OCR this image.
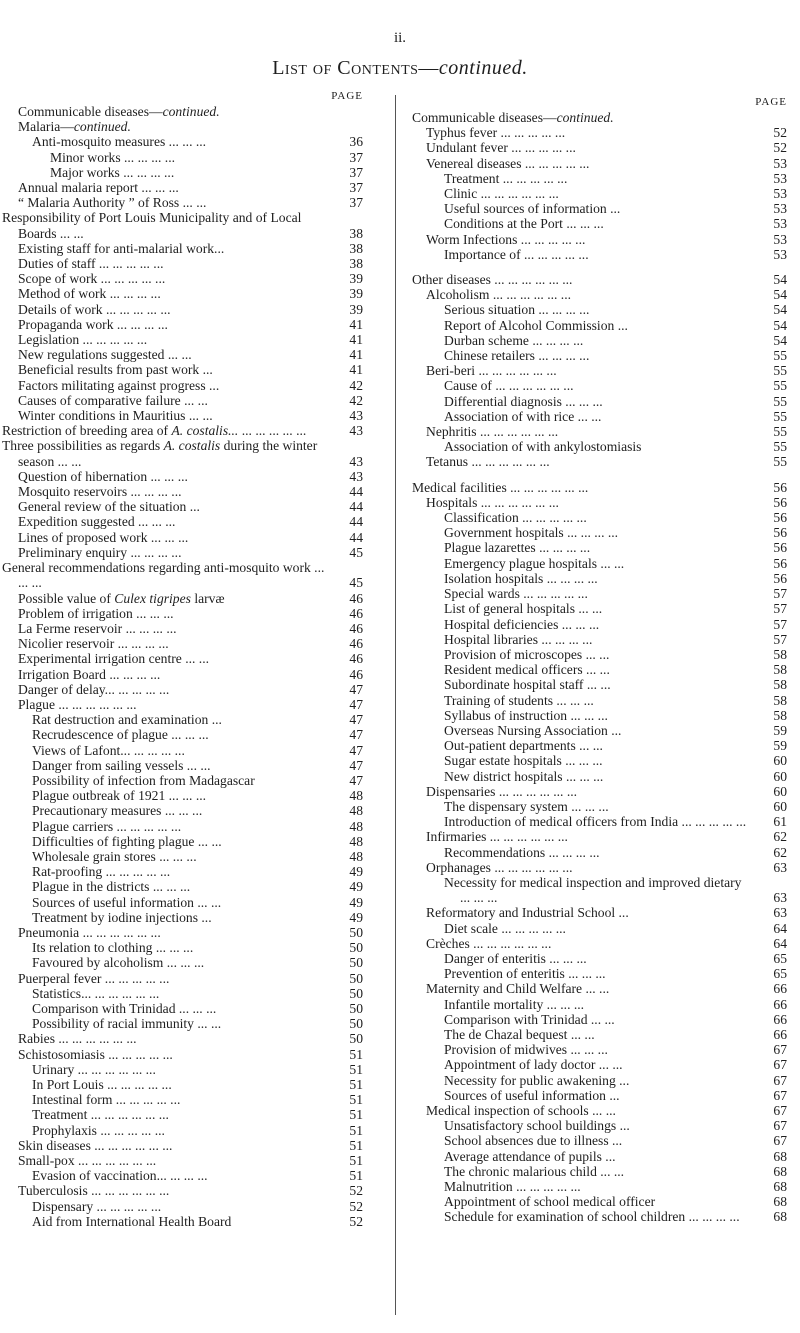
ii.
List of Contents—continued.
PAGE
Communicable diseases—continued.
Malaria—continued.
Anti-mosquito measures ... ... ...	36
Minor works ... ... ... ...	37
Major works ... ... ... ...	37
Annual malaria report ... ... ...	37
“ Malaria Authority ” of Ross ... ...	37
Responsibility of Port Louis Municipality and of Local Boards ... ...	38
Existing staff for anti-malarial work...	38
Duties of staff ... ... ... ... ...	38
Scope of work ... ... ... ... ...	39
Method of work ... ... ... ...	39
Details of work ... ... ... ... ...	39
Propaganda work ... ... ... ...	41
Legislation ... ... ... ... ...	41
New regulations suggested ... ...	41
Beneficial results from past work ...	41
Factors militating against progress ...	42
Causes of comparative failure ... ...	42
Winter conditions in Mauritius ... ...	43
Restriction of breeding area of A. costalis... ... ... ... ... ...	43
Three possibilities as regards A. costalis during the winter season ... ...	43
Question of hibernation ... ... ...	43
Mosquito reservoirs ... ... ... ...	44
General review of the situation ...	44
Expedition suggested ... ... ...	44
Lines of proposed work ... ... ...	44
Preliminary enquiry ... ... ... ...	45
General recommendations regarding anti-mosquito work ... ... ...	45
Possible value of Culex tigripes larvæ	46
Problem of irrigation ... ... ...	46
La Ferme reservoir ... ... ... ...	46
Nicolier reservoir ... ... ... ...	46
Experimental irrigation centre ... ...	46
Irrigation Board ... ... ... ...	46
Danger of delay... ... ... ... ...	47
Plague ... ... ... ... ... ...	47
Rat destruction and examination ...	47
Recrudescence of plague ... ... ...	47
Views of Lafont... ... ... ... ...	47
Danger from sailing vessels ... ...	47
Possibility of infection from Madagascar	47
Plague outbreak of 1921 ... ... ...	48
Precautionary measures ... ... ...	48
Plague carriers ... ... ... ... ...	48
Difficulties of fighting plague ... ...	48
Wholesale grain stores ... ... ...	48
Rat-proofing ... ... ... ... ...	49
Plague in the districts ... ... ...	49
Sources of useful information ... ...	49
Treatment by iodine injections ...	49
Pneumonia ... ... ... ... ... ...	50
Its relation to clothing ... ... ...	50
Favoured by alcoholism ... ... ...	50
Puerperal fever ... ... ... ... ...	50
Statistics... ... ... ... ... ...	50
Comparison with Trinidad ... ... ...	50
Possibility of racial immunity ... ...	50
Rabies ... ... ... ... ... ...	50
Schistosomiasis ... ... ... ... ...	51
Urinary ... ... ... ... ... ...	51
In Port Louis ... ... ... ... ...	51
Intestinal form ... ... ... ... ...	51
Treatment ... ... ... ... ... ...	51
Prophylaxis ... ... ... ... ...	51
Skin diseases ... ... ... ... ... ...	51
Small-pox ... ... ... ... ... ...	51
Evasion of vaccination... ... ... ...	51
Tuberculosis ... ... ... ... ... ...	52
Dispensary ... ... ... ... ...	52
Aid from International Health Board	52
PAGE
Communicable diseases—continued.
Typhus fever ... ... ... ... ...	52
Undulant fever ... ... ... ... ...	52
Venereal diseases ... ... ... ... ...	53
Treatment ... ... ... ... ...	53
Clinic ... ... ... ... ... ...	53
Useful sources of information ...	53
Conditions at the Port ... ... ...	53
Worm Infections ... ... ... ... ...	53
Importance of ... ... ... ... ...	53
Other diseases ... ... ... ... ... ...	54
Alcoholism ... ... ... ... ... ...	54
Serious situation ... ... ... ...	54
Report of Alcohol Commission ...	54
Durban scheme ... ... ... ...	54
Chinese retailers ... ... ... ...	55
Beri-beri ... ... ... ... ... ...	55
Cause of ... ... ... ... ... ...	55
Differential diagnosis ... ... ...	55
Association of with rice ... ...	55
Nephritis ... ... ... ... ... ...	55
Association of with ankylostomiasis	55
Tetanus ... ... ... ... ... ...	55
Medical facilities ... ... ... ... ... ...	56
Hospitals ... ... ... ... ... ...	56
Classification ... ... ... ... ...	56
Government hospitals ... ... ... ...	56
Plague lazarettes ... ... ... ...	56
Emergency plague hospitals ... ...	56
Isolation hospitals ... ... ... ...	56
Special wards ... ... ... ... ...	57
List of general hospitals ... ...	57
Hospital deficiencies ... ... ...	57
Hospital libraries ... ... ... ...	57
Provision of microscopes ... ...	58
Resident medical officers ... ...	58
Subordinate hospital staff ... ...	58
Training of students ... ... ...	58
Syllabus of instruction ... ... ...	58
Overseas Nursing Association ...	59
Out-patient departments ... ...	59
Sugar estate hospitals ... ... ...	60
New district hospitals ... ... ...	60
Dispensaries ... ... ... ... ... ...	60
The dispensary system ... ... ...	60
Introduction of medical officers from India ... ... ... ... ...	61
Infirmaries ... ... ... ... ... ...	62
Recommendations ... ... ... ...	62
Orphanages ... ... ... ... ... ...	63
Necessity for medical inspection and improved dietary ... ... ...	63
Reformatory and Industrial School ...	63
Diet scale ... ... ... ... ...	64
Crèches ... ... ... ... ... ...	64
Danger of enteritis ... ... ...	65
Prevention of enteritis ... ... ...	65
Maternity and Child Welfare ... ...	66
Infantile mortality ... ... ...	66
Comparison with Trinidad ... ...	66
The de Chazal bequest ... ...	66
Provision of midwives ... ... ...	67
Appointment of lady doctor ... ...	67
Necessity for public awakening ...	67
Sources of useful information ...	67
Medical inspection of schools ... ...	67
Unsatisfactory school buildings ...	67
School absences due to illness ...	67
Average attendance of pupils ...	68
The chronic malarious child ... ...	68
Malnutrition ... ... ... ... ...	68
Appointment of school medical officer	68
Schedule for examination of school children ... ... ... ...	68
